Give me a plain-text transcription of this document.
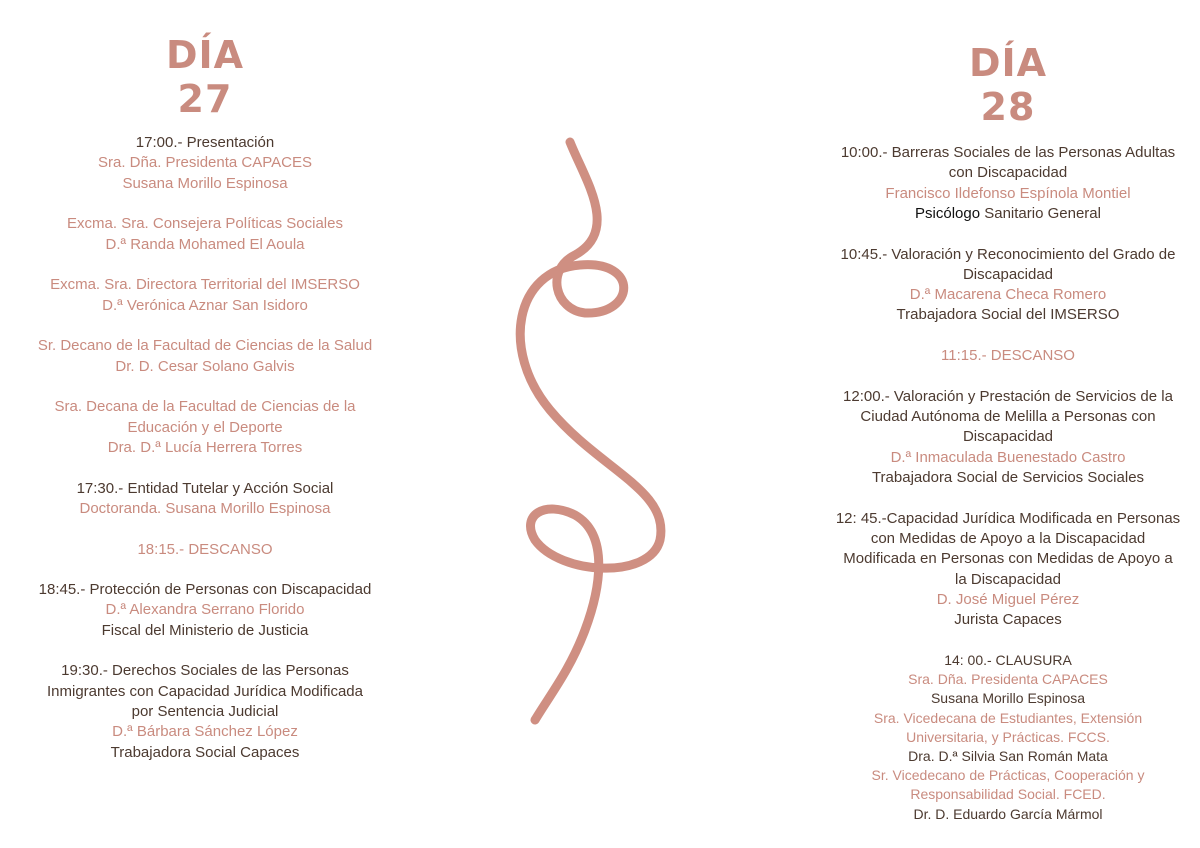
DÍA
27
17:00.- Presentación
Sra. Dña. Presidenta CAPACES
Susana Morillo Espinosa
Excma. Sra. Consejera Políticas Sociales
D.ª Randa Mohamed El Aoula
Excma. Sra. Directora Territorial del IMSERSO
D.ª Verónica Aznar San Isidoro
Sr. Decano de la Facultad de Ciencias de la Salud
Dr. D. Cesar Solano Galvis
Sra. Decana de la Facultad de Ciencias de la
Educación y el Deporte
Dra. D.ª Lucía Herrera Torres
17:30.- Entidad Tutelar y Acción Social
Doctoranda. Susana Morillo Espinosa
18:15.- DESCANSO
18:45.- Protección de Personas con Discapacidad
D.ª Alexandra Serrano Florido
Fiscal del Ministerio de Justicia
19:30.- Derechos Sociales de las Personas
Inmigrantes con Capacidad Jurídica Modificada
por Sentencia Judicial
D.ª Bárbara Sánchez López
Trabajadora Social Capaces
DÍA
28
10:00.- Barreras Sociales de las Personas Adultas
con Discapacidad
Francisco Ildefonso Espínola Montiel
Psicólogo Sanitario General
10:45.- Valoración y Reconocimiento del Grado de
Discapacidad
D.ª Macarena Checa Romero
Trabajadora Social del IMSERSO
11:15.- DESCANSO
12:00.- Valoración y Prestación de Servicios de la
Ciudad Autónoma de Melilla a Personas con
Discapacidad
D.ª Inmaculada Buenestado Castro
Trabajadora Social de Servicios Sociales
12: 45.-Capacidad Jurídica Modificada en Personas
con Medidas de Apoyo a la Discapacidad
Modificada en Personas con Medidas de Apoyo a
la Discapacidad
D. José Miguel Pérez
Jurista Capaces
14: 00.- CLAUSURA
Sra. Dña. Presidenta CAPACES
Susana Morillo Espinosa
Sra. Vicedecana de Estudiantes, Extensión
Universitaria, y Prácticas. FCCS.
Dra. D.ª Silvia San Román Mata
Sr. Vicedecano de Prácticas, Cooperación y
Responsabilidad Social. FCED.
Dr. D. Eduardo García Mármol
